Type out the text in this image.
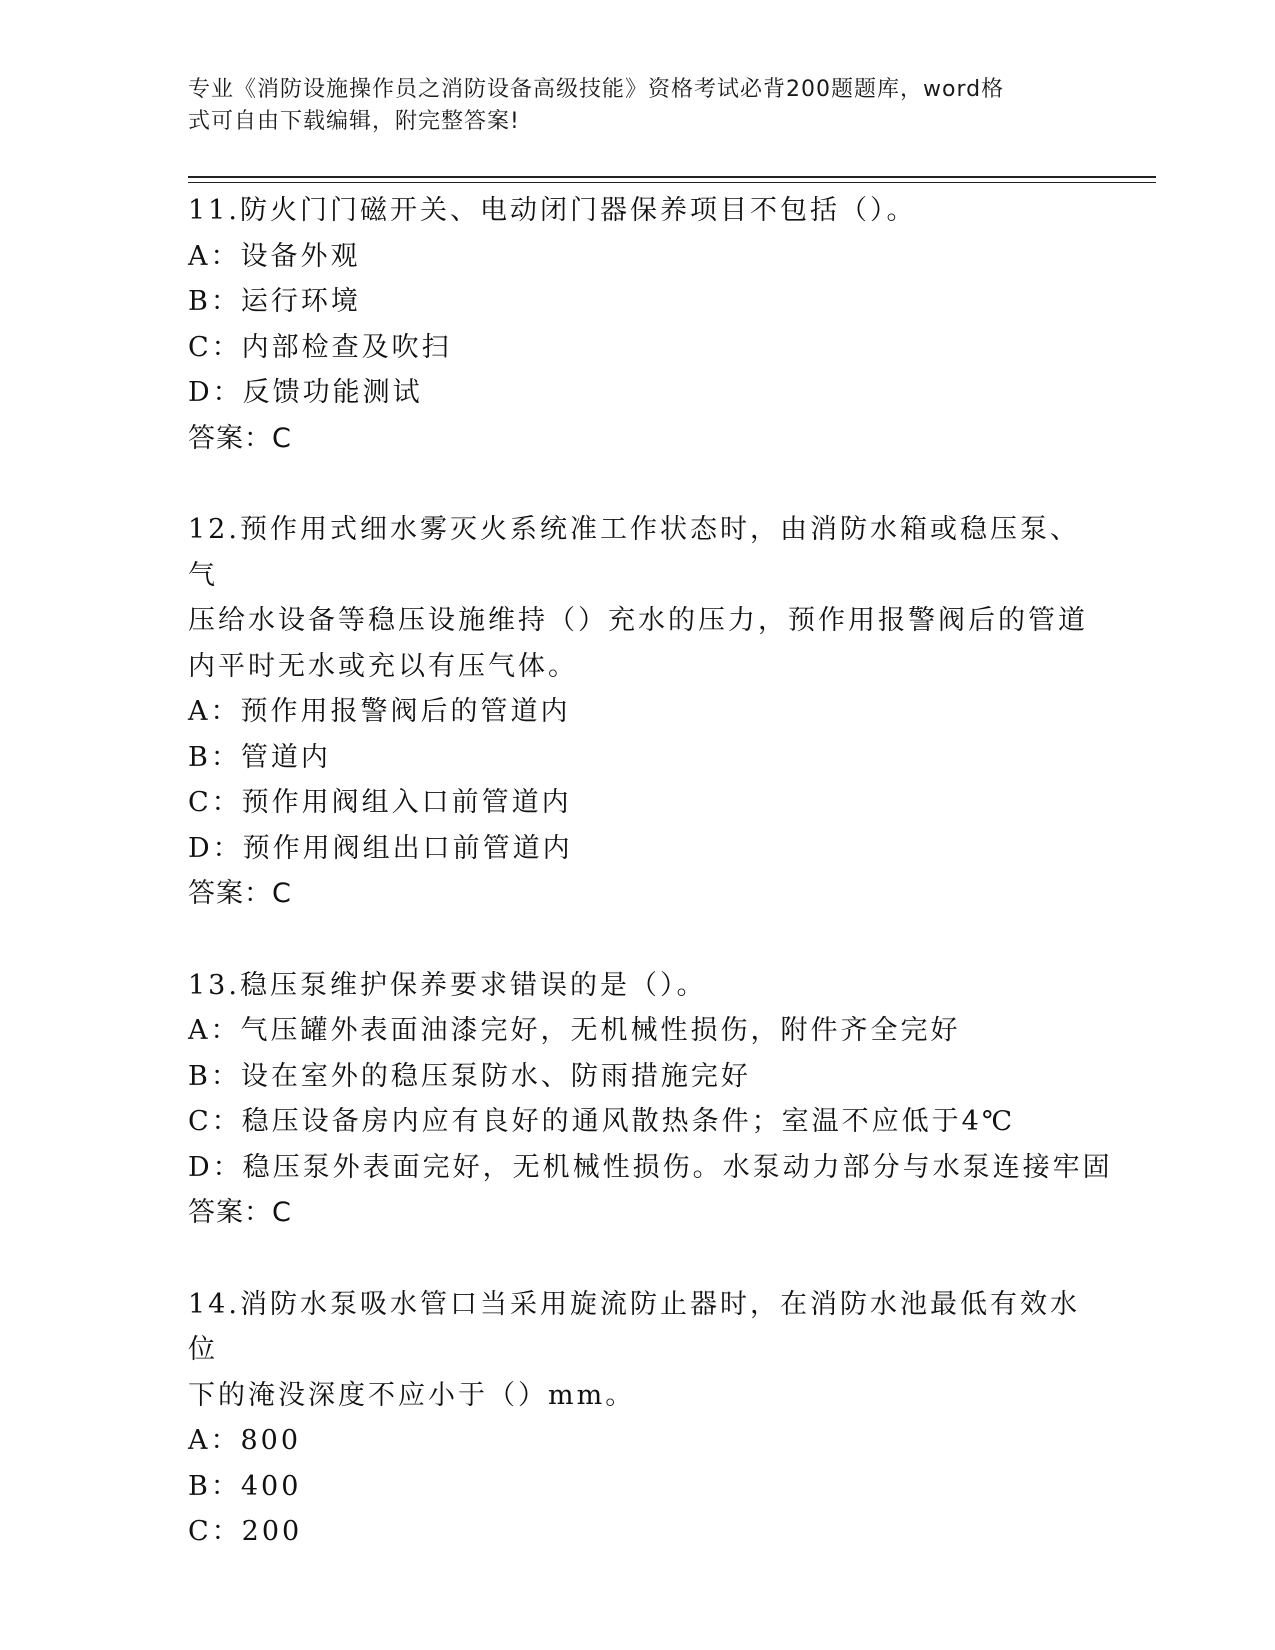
专业《消防设施操作员之消防设备高级技能》资格考试必背200题题库，word格
式可自由下载编辑，附完整答案!
11.防火门门磁开关、电动闭门器保养项目不包括（）。
A：设备外观
B：运行环境
C：内部检查及吹扫
D：反馈功能测试
答案：C
12.预作用式细水雾灭火系统准工作状态时，由消防水箱或稳压泵、气
压给水设备等稳压设施维持（）充水的压力，预作用报警阀后的管道
内平时无水或充以有压气体。
A：预作用报警阀后的管道内
B：管道内
C：预作用阀组入口前管道内
D：预作用阀组出口前管道内
答案：C
13.稳压泵维护保养要求错误的是（）。
A：气压罐外表面油漆完好，无机械性损伤，附件齐全完好
B：设在室外的稳压泵防水、防雨措施完好
C：稳压设备房内应有良好的通风散热条件；室温不应低于4℃
D：稳压泵外表面完好，无机械性损伤。水泵动力部分与水泵连接牢固
答案：C
14.消防水泵吸水管口当采用旋流防止器时，在消防水池最低有效水位
下的淹没深度不应小于（）mm。
A：800
B：400
C：200
